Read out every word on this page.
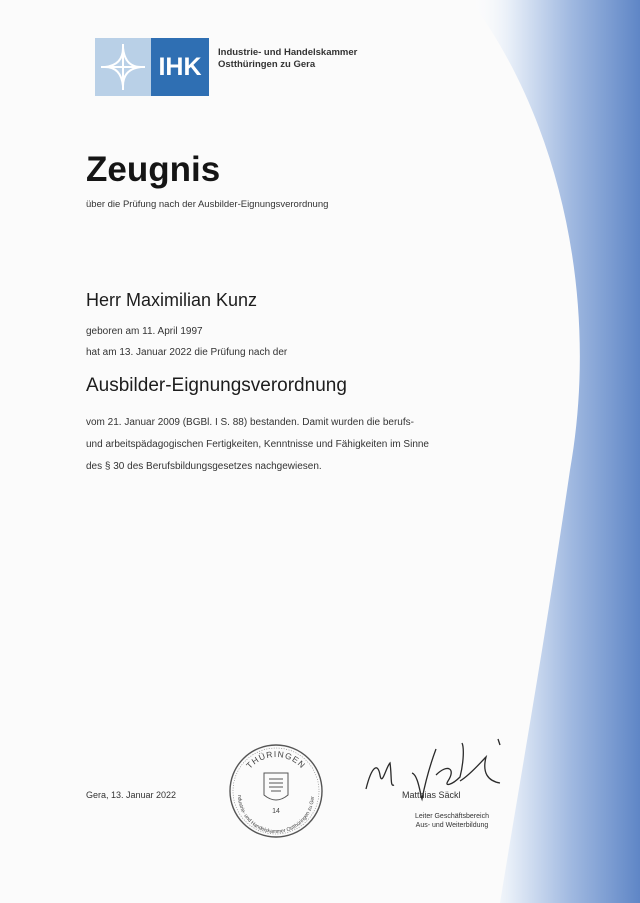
IHK
Industrie- und Handelskammer
Ostthüringen zu Gera
Zeugnis
über die Prüfung nach der Ausbilder-Eignungsverordnung
Herr Maximilian Kunz
geboren am 11. April 1997
hat am 13. Januar 2022 die Prüfung nach der
Ausbilder-Eignungsverordnung
vom 21. Januar 2009 (BGBl. I S. 88) bestanden. Damit wurden die berufs-
und arbeitspädagogischen Fertigkeiten, Kenntnisse und Fähigkeiten im Sinne
des § 30 des Berufsbildungsgesetzes nachgewiesen.
Gera, 13. Januar 2022
THÜRINGEN
ndustrie- und Handelskammer Ostthüringen zu Ger
14
Matthias Säckl
Leiter Geschäftsbereich
Aus- und Weiterbildung
